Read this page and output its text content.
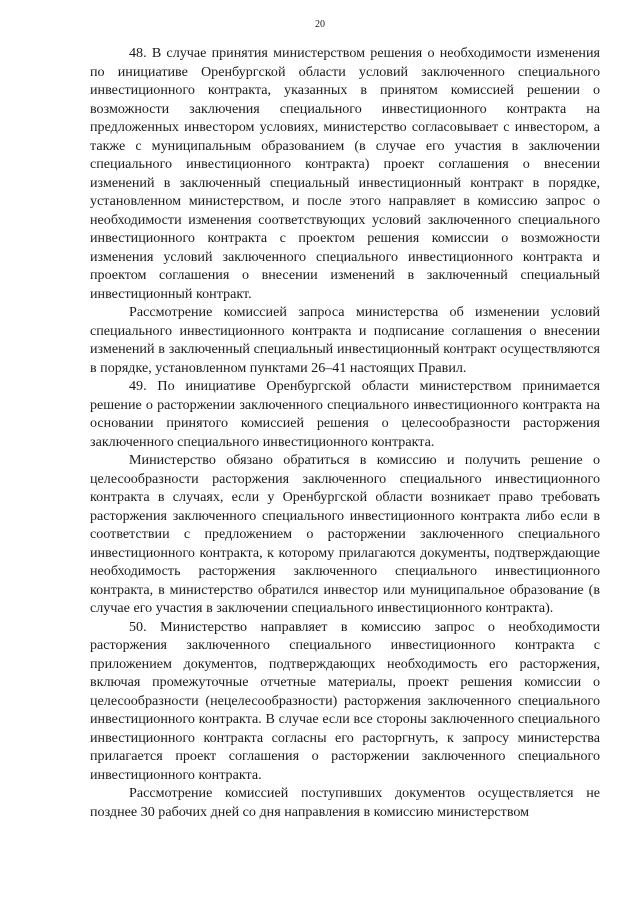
20

48. В случае принятия министерством решения о необходимости изменения по инициативе Оренбургской области условий заключенного специального инвестиционного контракта, указанных в принятом комиссией решении о возможности заключения специального инвестиционного контракта на предложенных инвестором условиях, министерство согласовывает с инвестором, а также с муниципальным образованием (в случае его участия в заключении специального инвестиционного контракта) проект соглашения о внесении изменений в заключенный специальный инвестиционный контракт в порядке, установленном министерством, и после этого направляет в комиссию запрос о необходимости изменения соответствующих условий заключенного специального инвестиционного контракта с проектом решения комиссии о возможности изменения условий заключенного специального инвестиционного контракта и проектом соглашения о внесении изменений в заключенный специальный инвестиционный контракт.

Рассмотрение комиссией запроса министерства об изменении условий специального инвестиционного контракта и подписание соглашения о внесении изменений в заключенный специальный инвестиционный контракт осуществляются в порядке, установленном пунктами 26–41 настоящих Правил.

49. По инициативе Оренбургской области министерством принимается решение о расторжении заключенного специального инвестиционного контракта на основании принятого комиссией решения о целесообразности расторжения заключенного специального инвестиционного контракта.

Министерство обязано обратиться в комиссию и получить решение о целесообразности расторжения заключенного специального инвестиционного контракта в случаях, если у Оренбургской области возникает право требовать расторжения заключенного специального инвестиционного контракта либо если в соответствии с предложением о расторжении заключенного специального инвестиционного контракта, к которому прилагаются документы, подтверждающие необходимость расторжения заключенного специального инвестиционного контракта, в министерство обратился инвестор или муниципальное образование (в случае его участия в заключении специального инвестиционного контракта).

50. Министерство направляет в комиссию запрос о необходимости расторжения заключенного специального инвестиционного контракта с приложением документов, подтверждающих необходимость его расторжения, включая промежуточные отчетные материалы, проект решения комиссии о целесообразности (нецелесообразности) расторжения заключенного специального инвестиционного контракта. В случае если все стороны заключенного специального инвестиционного контракта согласны его расторгнуть, к запросу министерства прилагается проект соглашения о расторжении заключенного специального инвестиционного контракта.

Рассмотрение комиссией поступивших документов осуществляется не позднее 30 рабочих дней со дня направления в комиссию министерством
